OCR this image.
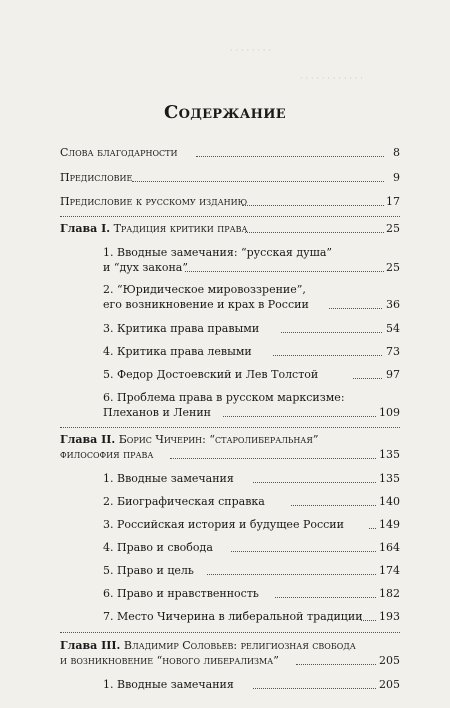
· · · · · · · ·
· · · · · · · · · · · ·
Содержание
Слова благодарности	8
Предисловие	9
Предисловие к русскому изданию	17
Глава I. Традиция критики права	25
1. Вводные замечания: “русская душа”
и “дух закона”	25
2. “Юридическое мировоззрение”,
его возникновение и крах в России	36
3. Критика права правыми	54
4. Критика права левыми	73
5. Федор Достоевский и Лев Толстой	97
6. Проблема права в русском марксизме:
Плеханов и Ленин	109
Глава II. Борис Чичерин: “старолиберальная”
философия права	135
1. Вводные замечания	135
2. Биографическая справка	140
3. Российская история и будущее России	149
4. Право и свобода	164
5. Право и цель	174
6. Право и нравственность	182
7. Место Чичерина в либеральной традиции 193
Глава III. Владимир Соловьев: религиозная свобода
и возникновение “нового либерализма”	205
1. Вводные замечания	205
